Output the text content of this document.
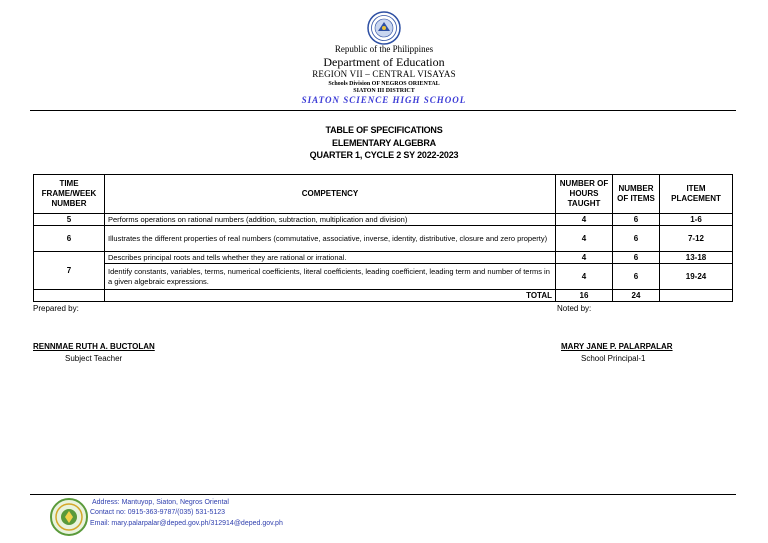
Republic of the Philippines
Department of Education
REGION VII – CENTRAL VISAYAS
Schools Division OF NEGROS ORIENTAL
SIATON III DISTRICT
SIATON SCIENCE HIGH SCHOOL
TABLE OF SPECIFICATIONS
ELEMENTARY ALGEBRA
QUARTER 1, CYCLE 2 SY 2022-2023
TIME FRAME/WEEK NUMBER	COMPETENCY	NUMBER OF HOURS TAUGHT	NUMBER OF ITEMS	ITEM PLACEMENT
5	Performs operations on rational numbers (addition, subtraction, multiplication and division)	4	6	1-6
6	Illustrates the different properties of real numbers (commutative, associative, inverse, identity, distributive, closure and zero property)	4	6	7-12
7	Describes principal roots and tells whether they are rational or irrational.	4	6	13-18
	Identify constants, variables, terms, numerical coefficients, literal coefficients, leading coefficient, leading term and number of terms in a given algebraic expressions.	4	6	19-24
	TOTAL	16	24	
Prepared by:	Noted by:
RENNMAE RUTH A. BUCTOLAN
Subject Teacher
MARY JANE P. PALARPALAR
School Principal-1
Address: Mantuyop, Siaton, Negros Oriental
Contact no: 0915-363-9787/(035) 531-5123
Email: mary.palarpalar@deped.gov.ph/312914@deped.gov.ph
